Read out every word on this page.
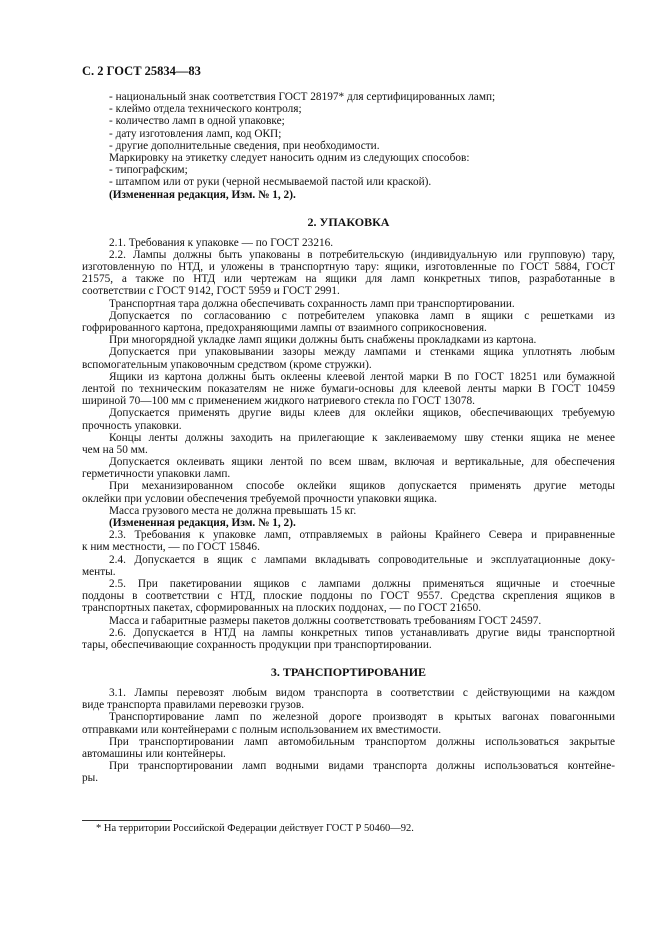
С. 2 ГОСТ 25834—83
- национальный знак соответствия ГОСТ 28197* для сертифицированных ламп;
- клеймо отдела технического контроля;
- количество ламп в одной упаковке;
- дату изготовления ламп, код ОКП;
- другие дополнительные сведения, при необходимости.
Маркировку на этикетку следует наносить одним из следующих способов:
- типографским;
- штампом или от руки (черной несмываемой пастой или краской).
(Измененная редакция, Изм. № 1, 2).
2. УПАКОВКА
2.1. Требования к упаковке — по ГОСТ 23216.
2.2. Лампы должны быть упакованы в потребительскую (индивидуальную или групповую) тару,
изготовленную по НТД, и уложены в транспортную тару: ящики, изготовленные по ГОСТ 5884, ГОСТ
21575, а также по НТД или чертежам на ящики для ламп конкретных типов, разработанные в
соответствии с ГОСТ 9142, ГОСТ 5959 и ГОСТ 2991.
Транспортная тара должна обеспечивать сохранность ламп при транспортировании.
Допускается по согласованию с потребителем упаковка ламп в ящики с решетками из
гофрированного картона, предохраняющими лампы от взаимного соприкосновения.
При многорядной укладке ламп ящики должны быть снабжены прокладками из картона.
Допускается при упаковывании зазоры между лампами и стенками ящика уплотнять любым
вспомогательным упаковочным средством (кроме стружки).
Ящики из картона должны быть оклеены клеевой лентой марки В по ГОСТ 18251 или бумажной
лентой по техническим показателям не ниже бумаги-основы для клеевой ленты марки В ГОСТ 10459
шириной 70—100 мм с применением жидкого натриевого стекла по ГОСТ 13078.
Допускается применять другие виды клеев для оклейки ящиков, обеспечивающих требуемую
прочность упаковки.
Концы ленты должны заходить на прилегающие к заклеиваемому шву стенки ящика не менее
чем на 50 мм.
Допускается оклеивать ящики лентой по всем швам, включая и вертикальные, для обеспечения
герметичности упаковки ламп.
При механизированном способе оклейки ящиков допускается применять другие методы
оклейки при условии обеспечения требуемой прочности упаковки ящика.
Масса грузового места не должна превышать 15 кг.
(Измененная редакция, Изм. № 1, 2).
2.3. Требования к упаковке ламп, отправляемых в районы Крайнего Севера и приравненные
к ним местности, — по ГОСТ 15846.
2.4. Допускается в ящик с лампами вкладывать сопроводительные и эксплуатационные доку-
менты.
2.5. При пакетировании ящиков с лампами должны применяться ящичные и стоечные
поддоны в соответствии с НТД, плоские поддоны по ГОСТ 9557. Средства скрепления ящиков в
транспортных пакетах, сформированных на плоских поддонах, — по ГОСТ 21650.
Масса и габаритные размеры пакетов должны соответствовать требованиям ГОСТ 24597.
2.6. Допускается в НТД на лампы конкретных типов устанавливать другие виды транспортной
тары, обеспечивающие сохранность продукции при транспортировании.
3. ТРАНСПОРТИРОВАНИЕ
3.1. Лампы перевозят любым видом транспорта в соответствии с действующими на каждом
виде транспорта правилами перевозки грузов.
Транспортирование ламп по железной дороге производят в крытых вагонах повагонными
отправками или контейнерами с полным использованием их вместимости.
При транспортировании ламп автомобильным транспортом должны использоваться закрытые
автомашины или контейнеры.
При транспортировании ламп водными видами транспорта должны использоваться контейне-
ры.
* На территории Российской Федерации действует ГОСТ Р 50460—92.
